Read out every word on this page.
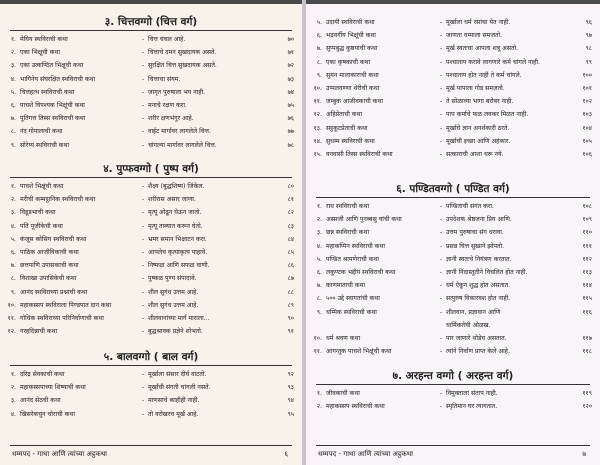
३. चित्तवग्गो (चित्त वर्ग)
१. मेघिय स्थविराची कथा	चित्त चंचल आहे.	७०
-
२. एका भिक्षूची कथा	चित्ताचे दमन सुखदायक असते.	७१
-
३. एका उत्कण्ठित भिक्षूची कथा	सुरक्षित चित्त सुखदायक असते.	७२
-
४. भागिनेय संघरक्षित स्थविराची कथा	चित्ताचा संयम.	७३
-
५. चित्तहत्थ स्थविराची कथा	जागृत पुरुषाला भय नाही.	७४
-
६. पाचशे विपश्यक भिक्षूंची कथा	मनाचे रक्षण करा.	७५
-
७. पूतिगत्त तिस्स स्थविराची कथा	शरीर क्षणभंगुर आहे.	७६
-
८. नंद गोपालाची कथा	वाईट मार्गावर लागलेले चित्त.	७७
-
९. सोरेय्य स्थविराची कथा	चांगल्या मार्गावर लागलेले चित्त.	७८
-
४. पुप्फवग्गो ( पुष्प वर्ग)
१. पाचशे भिक्षूंची कथा	शैक्ष्य (बुद्धशिष्य) जिंकेल.	८०
-
२. मरीची कम्मट्ठानिक स्थविराची कथा	शरीरास असार जाणा.	८१
-
३. विडूडभाची कथा	मृत्यू ओढून घेऊन जातो.	८२
-
४. पति पूजीकेची कथा	मृत्यू ताब्यात करून घेतो.	८३
-
५. कंजूस कोसिय स्थविराची कथा	भ्रमर समान भिक्षाटन करा.	८४
-
६. पाठिक आजीविकाची कथा	आपलेच कृत्याकृत्य पाहावे.	८५
-
७. छत्तपाणि उपासकाची कथा	निष्फळ आणि सफळ वाणी.	८६
-
८. विशाखा उपासिकेची कथा	पुष्कळ पुण्य संपादावे.	८७
-
९. आनंद स्थविराच्या प्रश्नाची कथा	शील सुगंध उत्तम आहे.	८८
-
१०. महाकस्सप स्थविराला पिण्डपात दान कथा	शील सुगंध उत्तम आहे.	८९
-
११. गोधिक स्थविराच्या परिनिर्वाणाची कथा	शीलवानांच्या मार्ग माराला...	९०
-
१२. गरहदिन्नाची कथा	बुद्धश्रावक प्रज्ञेने शोभतो.	९१
-
५. बालवग्गो ( बाल वर्ग)
१. दरिद्र सेवकाची कथा	मूर्खाला संसार दीर्घ वाटतो.	९२
-
२. महाकस्सपाच्या शिष्याची कथा	मूर्खांची संगती चांगली नसते.	९३
-
३. आनंद सेठची कथा	माणसाचे काहीही नाही.	९४
-
४. खिसरेकचुन चोराची कथा	तो वरोखरच मूर्ख आहे.	९५
-
धम्मपद - गाथा आणि त्यांच्या अट्ठकथा	६
५. उदायी स्थविराची कथा	मूर्खाला धर्म रसांचा येत नाही.	९६
-
६. भद्रवर्गीय भिक्षूंची कथा	जाणता धम्माला समजतो.	९७
-
७. सुप्पबुद्ध कुष्ठयाची कथा	मूर्ख स्वतःचा आपला शत्रू असतो.	९८
-
८. एका कृषकाची कथा	पश्चाताप करावे लागणारे कर्म चांगले नाही.	९९
-
९. सुमन मालाकाराची कथा	पश्चाताप होत नाही ते कर्म चांगले.	१००
-
१०. उप्पलवण्णा थेरीची कथा	मूर्ख पापाला गोड समजतो.	१०१
-
११. जम्बुक आजीवकाची कथा	ते सोळाव्या भागा बरोबर नाही.	१०२
-
१२. अहिप्रेताची कथा	पाप कर्माचे फळ लवकर मिळत नाही.	१०३
-
१३. सट्ठकूटप्रेताची कथा	मूर्खाचे ज्ञान अनर्थकारी ठरते.	१०४
-
१४. सुधम्म स्थविराची कथा	मूर्खाची इच्छा आणि अहंकार.	१०५
-
१५. वनवासी तिस्स स्थविराची कथा	सत्काराची आशा धरू नये.	१०६
-
६. पण्डितवग्गो ( पण्डित वर्ग)
१. राध स्थविराची कथा	पण्डिताची संगत करा.	१०८
-
२. अस्सजी आणि पुनब्बसु यांची कथा	उपदेशक श्रेष्ठजना प्रिय आणि.	१०९
-
३. छन्न स्थविराची कथा	उत्तम पुरुषाचा संग धरावा.	११०
-
४. महाकप्पिन स्थविराची कथा	प्रसन्न चित्त सुखाने झोपतो.	१११
-
५. पण्डित श्रामणेराची कथा	ज्ञानी स्वतःचे नियंत्रण करतात.	११२
-
६. लकुण्टक भद्दीय स्थविराची कथा	ज्ञानी निंदास्तुतीने विचलित होत नाही.	११३
-
७. काणमाताची कथा	धर्म ऐकून शुद्ध होत असतात.	११४
-
८. ५०० उद्दे स्वागतांची कथा	सत्पुरुष विकारवश होत नाही.	११५
-
९. धम्मिक स्थविराची कथा	शीलवान, प्रज्ञावान आणि	११६
-
धार्मिकतेची ओळख.
१०. धर्म श्रवण कथा	पार जाणारे थोडेच असतात.	११७
-
११. आगन्तुक पाचशे भिक्षूंची कथा	त्यांने निर्वाण प्राप्त केले आहे.	११८
-
७. अरहन्त वग्गो ( अरहन्त वर्ग)
१. जीवकाची कथा	विमुक्ताला संताप नाही.	११९
-
२. महाकस्सप स्थविराची कथा	स्मृतिमान घर त्यागतात.	१२०
-
धम्मपद - गाथा आणि त्यांच्या अट्ठकथा	७
